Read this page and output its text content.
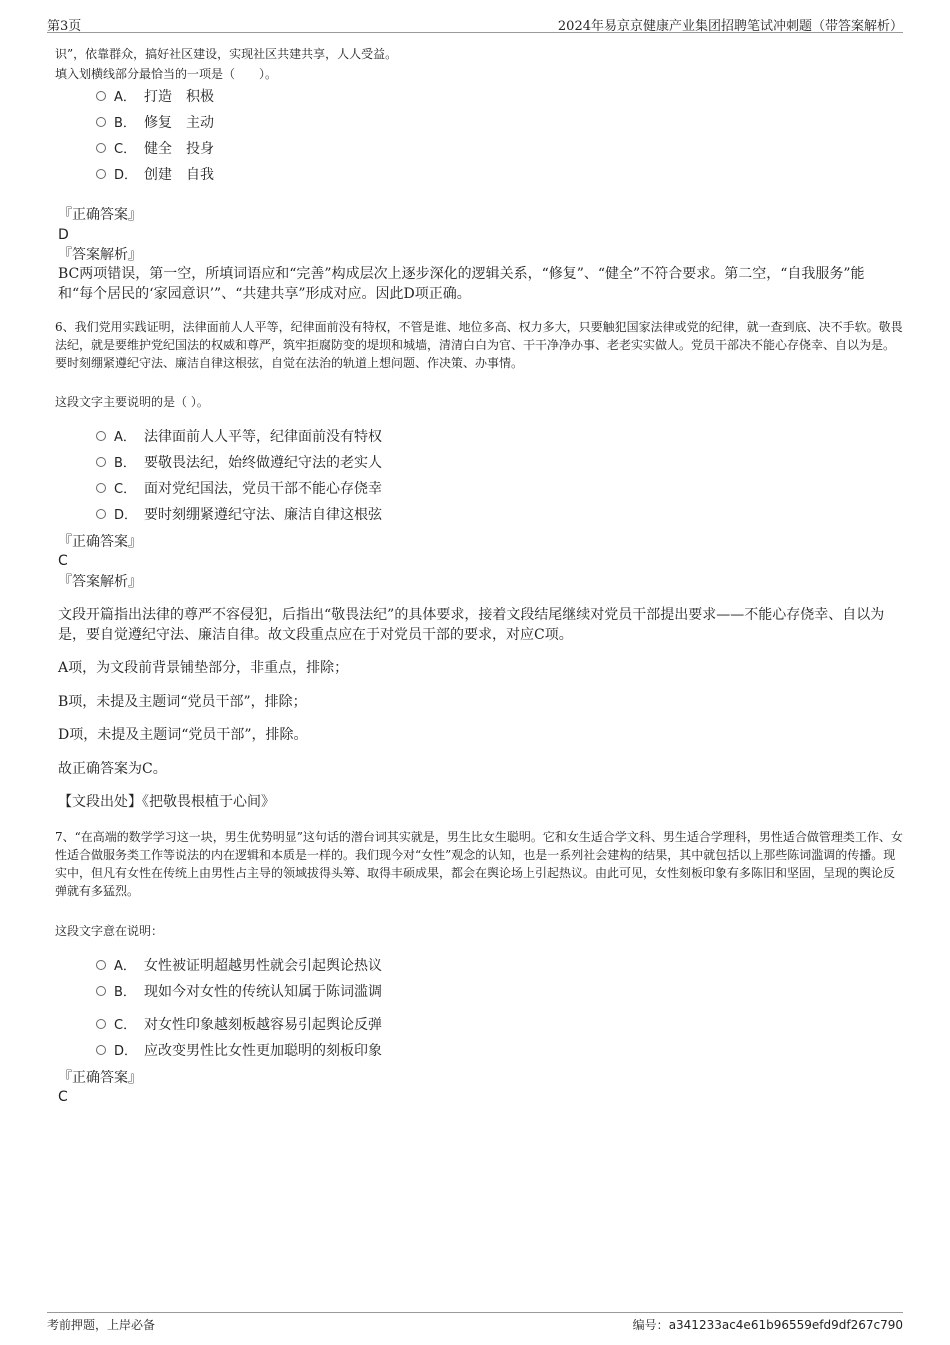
第3页	2024年易京京健康产业集团招聘笔试冲刺题（带答案解析）
识”，依靠群众，搞好社区建设，实现社区共建共享，人人受益。
填入划横线部分最恰当的一项是（　　）。
A． 打造　积极
B． 修复　主动
C． 健全　投身
D． 创建　自我
『正确答案』
D
『答案解析』
BC两项错误，第一空，所填词语应和“完善”构成层次上逐步深化的逻辑关系，“修复”、“健全”不符合要求。第二空，“自我服务”能和“每个居民的‘家园意识’”、“共建共享”形成对应。因此D项正确。
6、我们党用实践证明，法律面前人人平等，纪律面前没有特权，不管是谁、地位多高、权力多大，只要触犯国家法律或党的纪律，就一查到底、决不手软。敬畏法纪，就是要维护党纪国法的权威和尊严，筑牢拒腐防变的堤坝和城墙，清清白白为官、干干净净办事、老老实实做人。党员干部决不能心存侥幸、自以为是。要时刻绷紧遵纪守法、廉洁自律这根弦，自觉在法治的轨道上想问题、作决策、办事情。
这段文字主要说明的是（ ）。
A． 法律面前人人平等，纪律面前没有特权
B． 要敬畏法纪，始终做遵纪守法的老实人
C． 面对党纪国法，党员干部不能心存侥幸
D． 要时刻绷紧遵纪守法、廉洁自律这根弦
『正确答案』
C
『答案解析』
文段开篇指出法律的尊严不容侵犯，后指出“敬畏法纪”的具体要求，接着文段结尾继续对党员干部提出要求——不能心存侥幸、自以为是，要自觉遵纪守法、廉洁自律。故文段重点应在于对党员干部的要求，对应C项。
A项，为文段前背景铺垫部分，非重点，排除；
B项，未提及主题词“党员干部”，排除；
D项，未提及主题词“党员干部”，排除。
故正确答案为C。
【文段出处】《把敬畏根植于心间》
7、“在高端的数学学习这一块，男生优势明显”这句话的潜台词其实就是，男生比女生聪明。它和女生适合学文科、男生适合学理科，男性适合做管理类工作、女性适合做服务类工作等说法的内在逻辑和本质是一样的。我们现今对“女性”观念的认知，也是一系列社会建构的结果，其中就包括以上那些陈词滥调的传播。现实中，但凡有女性在传统上由男性占主导的领域拔得头筹、取得丰硕成果，都会在舆论场上引起热议。由此可见，女性刻板印象有多陈旧和坚固，呈现的舆论反弹就有多猛烈。
这段文字意在说明：
A． 女性被证明超越男性就会引起舆论热议
B． 现如今对女性的传统认知属于陈词滥调
C． 对女性印象越刻板越容易引起舆论反弹
D． 应改变男性比女性更加聪明的刻板印象
『正确答案』
C
考前押题，上岸必备	编号：a341233ac4e61b96559efd9df267c790
